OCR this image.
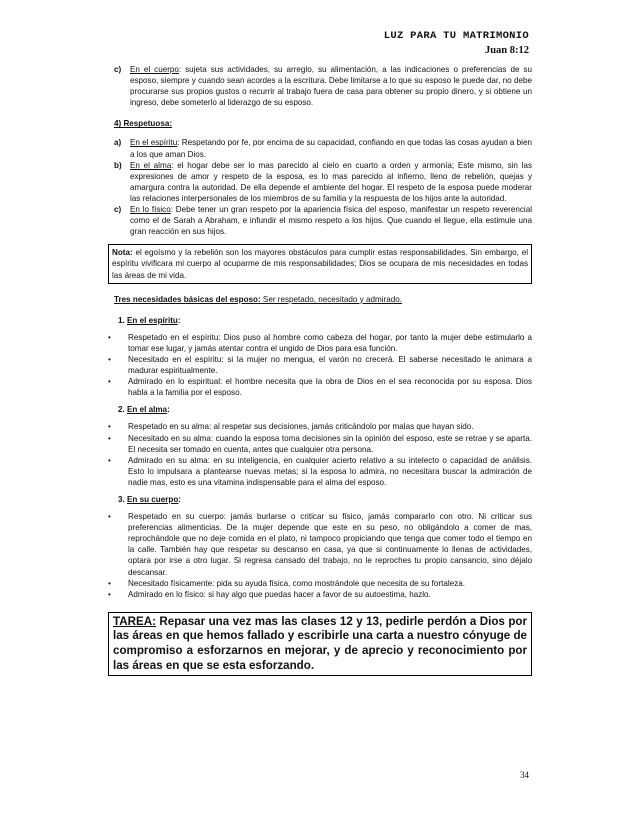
LUZ PARA TU MATRIMONIO
Juan 8:12
c)	En el cuerpo: sujeta sus actividades, su arreglo, su alimentación, a las indicaciones o preferencias de su esposo, siempre y cuando sean acordes a la escritura. Debe limitarse a lo que su esposo le puede dar, no debe procurarse sus propios gustos o recurrir al trabajo fuera de casa para obtener su propio dinero, y si obtiene un ingreso, debe someterlo al liderazgo de su esposo.
4) Respetuosa:
a)	En el espíritu: Respetando por fe, por encima de su capacidad, confiando en que todas las cosas ayudan a bien a los que aman Dios.
b)	En el alma: el hogar debe ser lo mas parecido al cielo en cuarto a orden y armonía; Este mismo, sin las expresiones de amor y respeto de la esposa, es lo mas parecido al infierno, lleno de rebelión, quejas y amargura contra la autoridad. De ella depende el ambiente del hogar. El respeto de la esposa puede moderar las relaciones interpersonales de los miembros de su familia y la respuesta de los hijos ante la autoridad.
c)	En lo físico: Debe tener un gran respeto por la apariencia física del esposo, manifestar un respeto reverencial como el de Sarah a Abraham, e infundir el mismo respeto a los hijos. Que cuando el llegue, ella estimule una gran reacción en sus hijos.
Nota: el egoísmo y la rebelión son los mayores obstáculos para cumplir estas responsabilidades. Sin embargo, el espíritu vivificara mi cuerpo al ocuparme de mis responsabilidades; Dios se ocupara de mis necesidades en todas las áreas de mi vida.
Tres necesidades básicas del esposo: Ser respetado, necesitado y admirado.
1. En el espíritu:
•	Respetado en el espíritu: Dios puso al hombre como cabeza del hogar, por tanto la mujer debe estimularlo a tomar ese lugar, y jamás atentar contra el ungido de Dios para esa función.
•	Necesitado en el espíritu: si la mujer no mengua, el varón no crecerá. El saberse necesitado le animara a madurar espiritualmente.
•	Admirado en lo espiritual: el hombre necesita que la obra de Dios en el sea reconocida por su esposa. Dios habla a la familia por el esposo.
2. En el alma:
•	Respetado en su alma: al respetar sus decisiones, jamás criticándolo por malas que hayan sido.
•	Necesitado en su alma: cuando la esposa toma decisiones sin la opinión del esposo, este se retrae y se aparta. El necesita ser tomado en cuenta, antes que cualquier otra persona.
•	Admirado en su alma: en su inteligencia, en cualquier acierto relativo a su intelecto o capacidad de análisis. Esto lo impulsara a plantearse nuevas metas; si la esposa lo admira, no necesitara buscar la admiración de nadie mas, esto es una vitamina indispensable para el alma del esposo.
3. En su cuerpo:
•	Respetado en su cuerpo: jamás burlarse o criticar su físico, jamás compararlo con otro. Ni criticar sus preferencias alimenticias. De la mujer depende que este en su peso, no obligándolo a comer de mas, reprochándole que no deje comida en el plato, ni tampoco propiciando que tenga que comer todo el tiempo en la calle. También hay que respetar su descanso en casa, ya que si continuamente lo llenas de actividades, optara por irse a otro lugar. Si regresa cansado del trabajo, no le reproches tu propio cansancio, sino déjalo descansar.
•	Necesitado físicamente: pida su ayuda física, como mostrándole que necesita de su fortaleza.
•	Admirado en lo físico: si hay algo que puedas hacer a favor de su autoestima, hazlo.
TAREA: Repasar una vez mas las clases 12 y 13, pedirle perdón a Dios por las áreas en que hemos fallado y escribirle una carta a nuestro cónyuge de compromiso a esforzarnos en mejorar, y de aprecio y reconocimiento por las áreas en que se esta esforzando.
34
